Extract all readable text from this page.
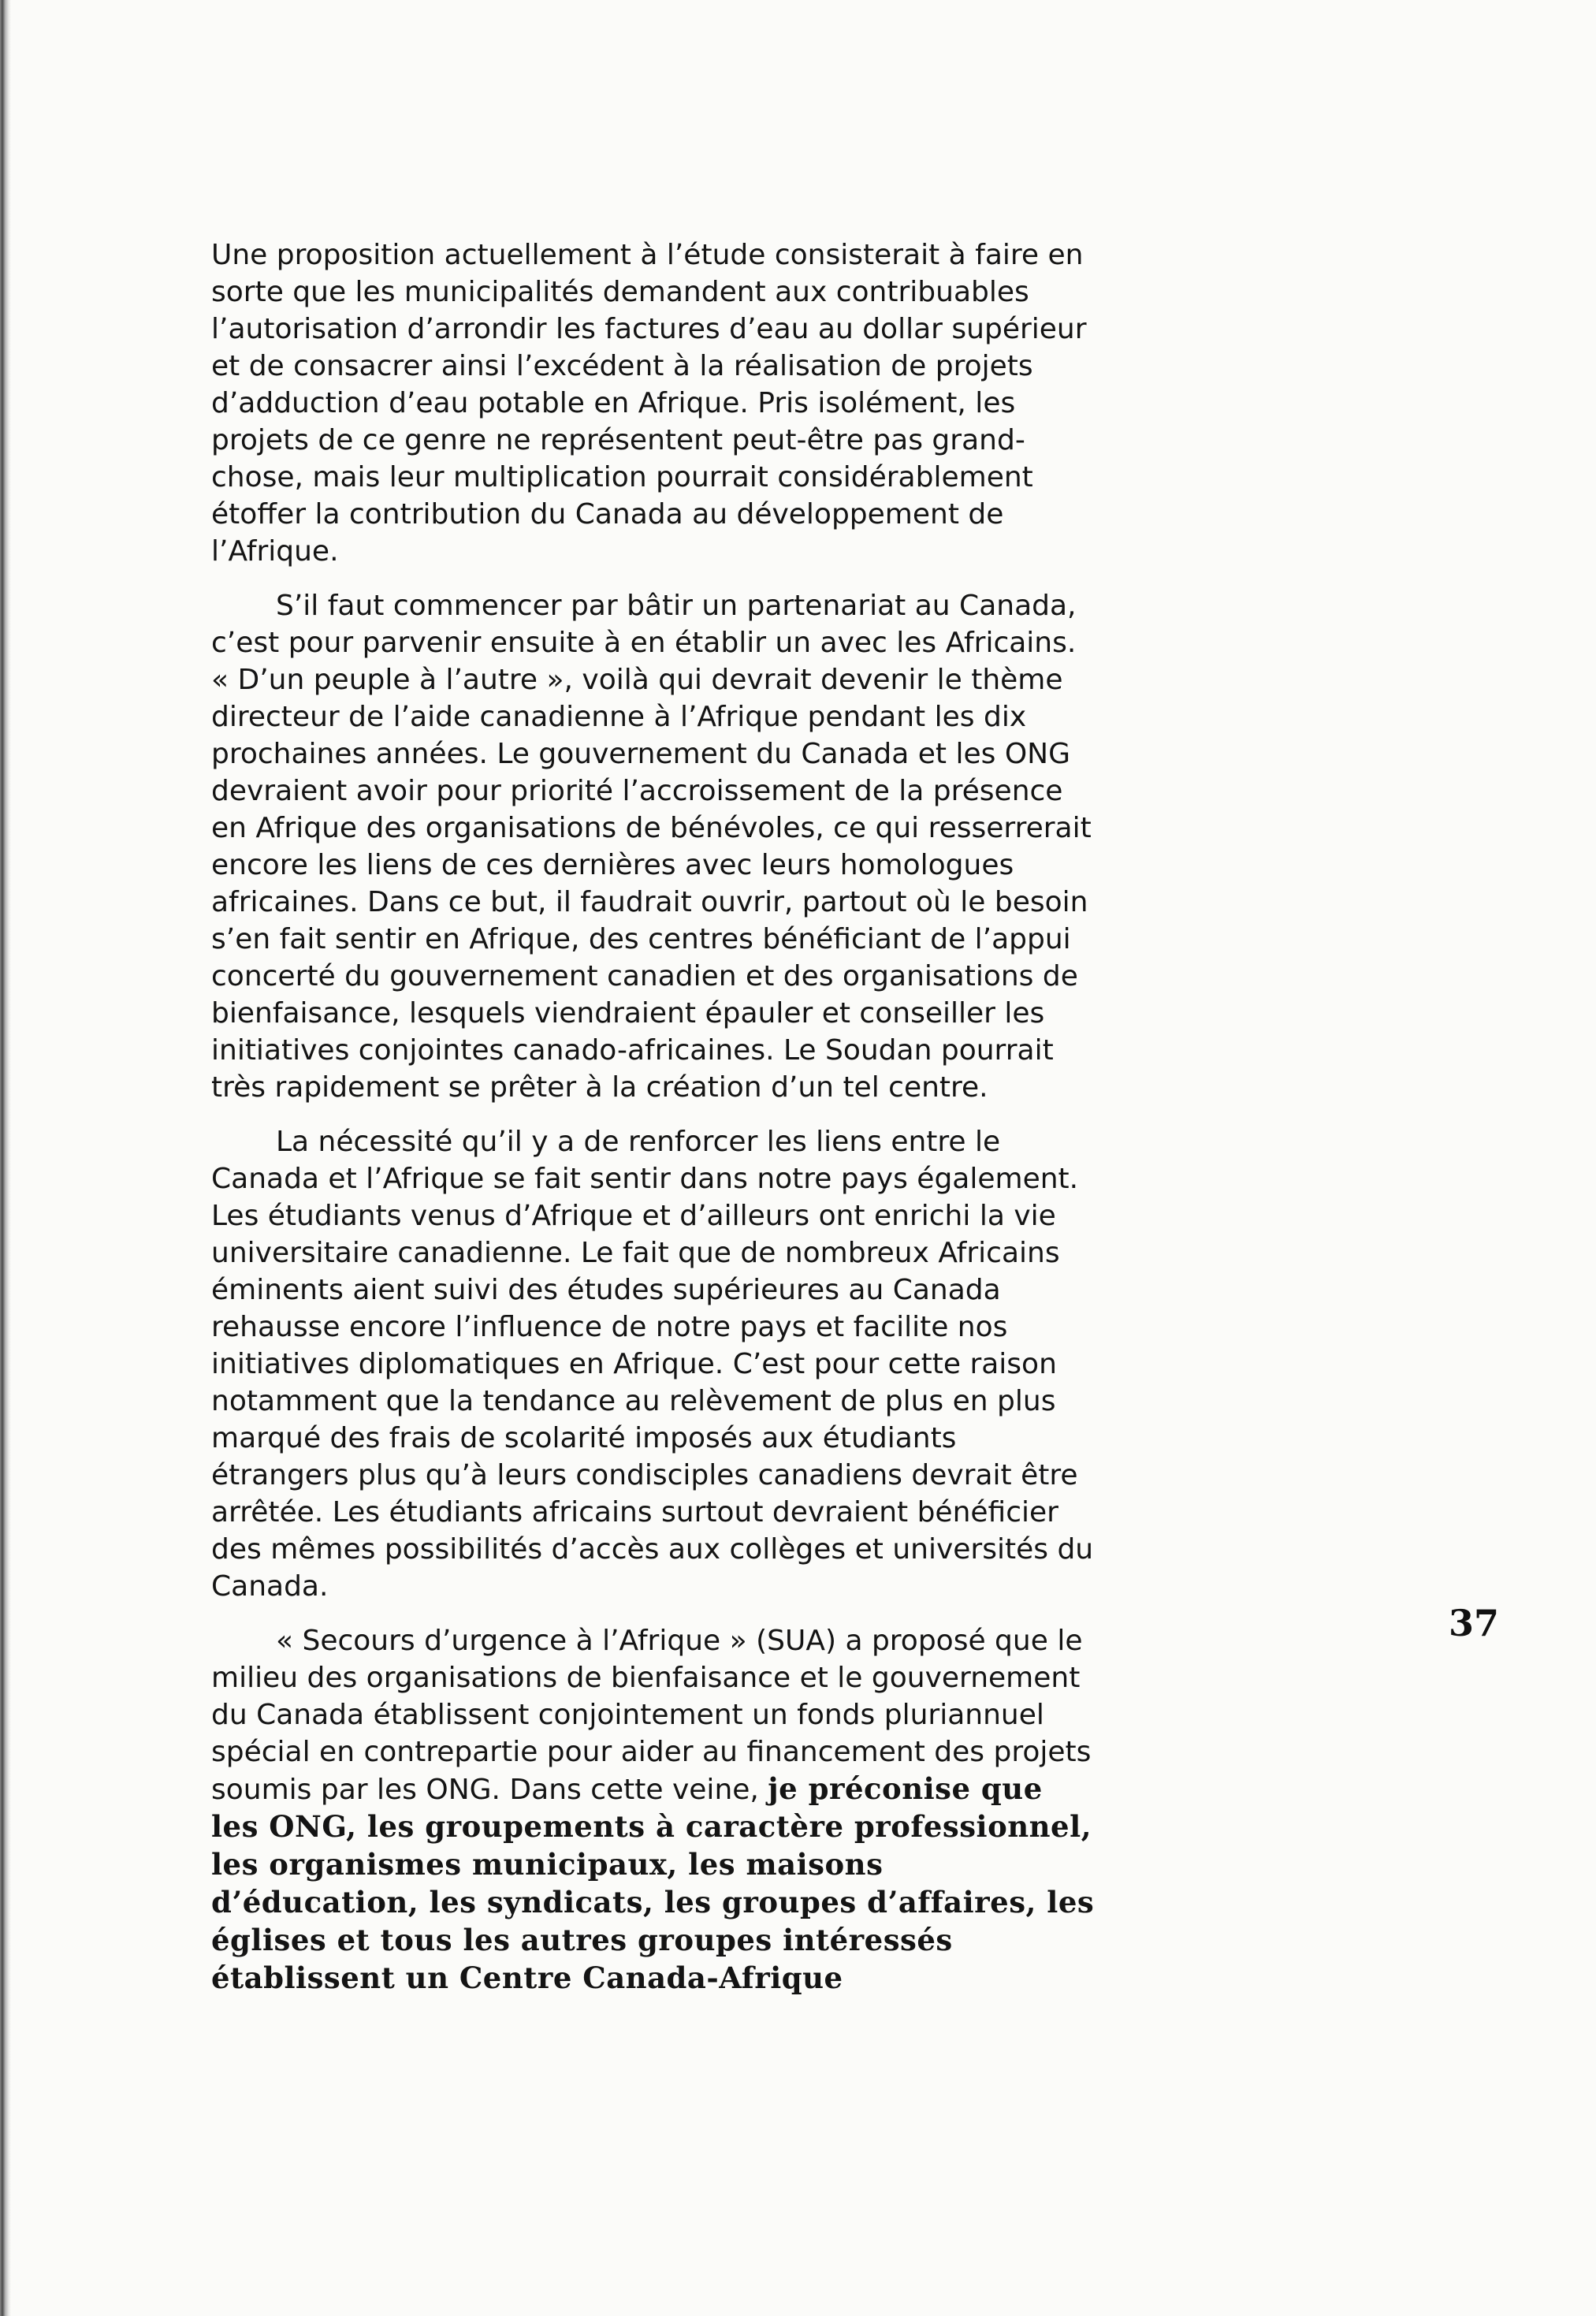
Une proposition actuellement à l’étude consisterait à faire en sorte que les municipalités demandent aux contribuables l’autorisation d’arrondir les factures d’eau au dollar supérieur et de consacrer ainsi l’excédent à la réalisation de projets d’adduction d’eau potable en Afrique. Pris isolément, les projets de ce genre ne représentent peut-être pas grand-chose, mais leur multiplication pourrait considérablement étoffer la contribution du Canada au développement de l’Afrique.

S’il faut commencer par bâtir un partenariat au Canada, c’est pour parvenir ensuite à en établir un avec les Africains. « D’un peuple à l’autre », voilà qui devrait devenir le thème directeur de l’aide canadienne à l’Afrique pendant les dix prochaines années. Le gouvernement du Canada et les ONG devraient avoir pour priorité l’accroissement de la présence en Afrique des organisations de bénévoles, ce qui resserrerait encore les liens de ces dernières avec leurs homologues africaines. Dans ce but, il faudrait ouvrir, partout où le besoin s’en fait sentir en Afrique, des centres bénéficiant de l’appui concerté du gouvernement canadien et des organisations de bienfaisance, lesquels viendraient épauler et conseiller les initiatives conjointes canado-africaines. Le Soudan pourrait très rapidement se prêter à la création d’un tel centre.

La nécessité qu’il y a de renforcer les liens entre le Canada et l’Afrique se fait sentir dans notre pays également. Les étudiants venus d’Afrique et d’ailleurs ont enrichi la vie universitaire canadienne. Le fait que de nombreux Africains éminents aient suivi des études supérieures au Canada rehausse encore l’influence de notre pays et facilite nos initiatives diplomatiques en Afrique. C’est pour cette raison notamment que la tendance au relèvement de plus en plus marqué des frais de scolarité imposés aux étudiants étrangers plus qu’à leurs condisciples canadiens devrait être arrêtée. Les étudiants africains surtout devraient bénéficier des mêmes possibilités d’accès aux collèges et universités du Canada.

« Secours d’urgence à l’Afrique » (SUA) a proposé que le milieu des organisations de bienfaisance et le gouvernement du Canada établissent conjointement un fonds pluriannuel spécial en contrepartie pour aider au financement des projets soumis par les ONG. Dans cette veine, je préconise que les ONG, les groupements à caractère professionnel, les organismes municipaux, les maisons d’éducation, les syndicats, les groupes d’affaires, les églises et tous les autres groupes intéressés établissent un Centre Canada-Afrique

37
